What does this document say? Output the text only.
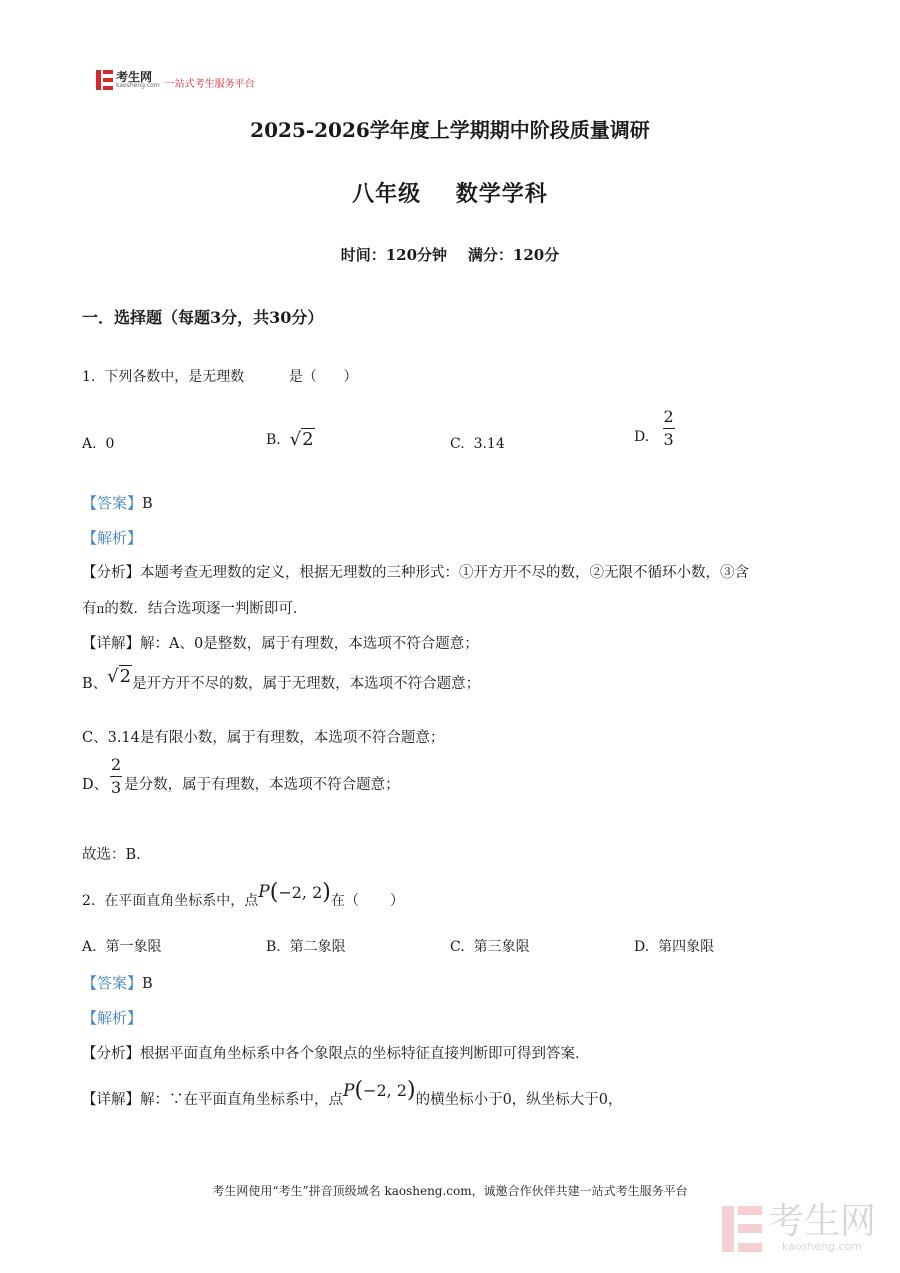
考生网
kaosheng.com 一站式考生服务平台
2025-2026学年度上学期期中阶段质量调研
八年级    数学学科
时间：120分钟    满分：120分
一．选择题（每题3分，共30分）
1.  下列各数中，是无理数          是（      ）
A. 0	B.
√2	C. 3.14	D.
$\frac{2}{3}$
【答案】B
【解析】
【分析】本题考查无理数的定义，根据无理数的三种形式：①开方开不尽的数，②无限不循环小数，③含
有π的数．结合选项逐一判断即可．
【详解】解：A、0是整数，属于有理数，本选项不符合题意；
B、 √2 是开方开不尽的数，属于无理数，本选项不符合题意；
C、3.14是有限小数，属于有理数，本选项不符合题意；
D、 $\frac{2}{3}$ 是分数，属于有理数，本选项不符合题意；
故选：B.
2.  在平面直角坐标系中，点 P ( −2, 2 ) 在（       ）
A. 第一象限	B. 第二象限	C. 第三象限	D. 第四象限
【答案】B
【解析】
【分析】根据平面直角坐标系中各个象限点的坐标特征直接判断即可得到答案．
【详解】 解：∵在平面直角坐标系中，点 P ( −2, 2 ) 的横坐标小于0，纵坐标大于0，
考生网使用“考生”拼音顶级域名 kaosheng.com，诚邀合作伙伴共建一站式考生服务平台
考生网
kaosheng.com
